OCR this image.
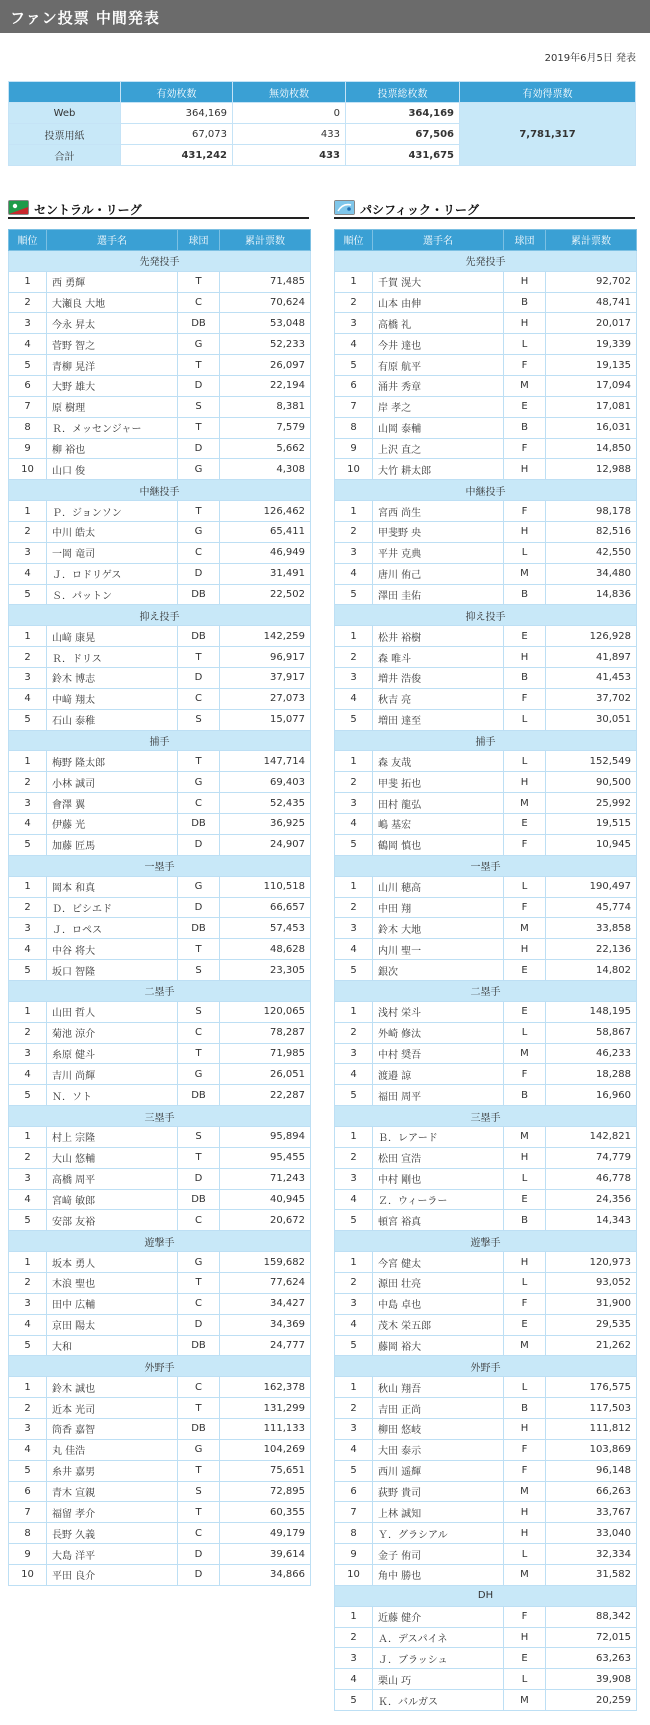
ファン投票 中間発表
2019年6月5日 発表
	有効枚数	無効枚数	投票総枚数	有効得票数
Web	364,169	0	364,169	7,781,317
投票用紙	67,073	433	67,506	
合計	431,242	433	431,675	
セントラル・リーグ	パシフィック・リーグ
順位	選手名	球団	累計票数
先発投手			
1	西 勇輝	T	71,485
2	大瀬良 大地	C	70,624
3	今永 昇太	DB	53,048
4	菅野 智之	G	52,233
5	青柳 晃洋	T	26,097
6	大野 雄大	D	22,194
7	原 樹理	S	8,381
8	Ｒ．メッセンジャー	T	7,579
9	柳 裕也	D	5,662
10	山口 俊	G	4,308
中継投手			
1	Ｐ．ジョンソン	T	126,462
2	中川 皓太	G	65,411
3	一岡 竜司	C	46,949
4	Ｊ．ロドリゲス	D	31,491
5	Ｓ．パットン	DB	22,502
抑え投手			
1	山﨑 康晃	DB	142,259
2	Ｒ．ドリス	T	96,917
3	鈴木 博志	D	37,917
4	中﨑 翔太	C	27,073
5	石山 泰稚	S	15,077
捕手			
1	梅野 隆太郎	T	147,714
2	小林 誠司	G	69,403
3	會澤 翼	C	52,435
4	伊藤 光	DB	36,925
5	加藤 匠馬	D	24,907
一塁手			
1	岡本 和真	G	110,518
2	Ｄ．ビシエド	D	66,657
3	Ｊ．ロペス	DB	57,453
4	中谷 将大	T	48,628
5	坂口 智隆	S	23,305
二塁手			
1	山田 哲人	S	120,065
2	菊池 涼介	C	78,287
3	糸原 健斗	T	71,985
4	吉川 尚輝	G	26,051
5	Ｎ．ソト	DB	22,287
三塁手			
1	村上 宗隆	S	95,894
2	大山 悠輔	T	95,455
3	高橋 周平	D	71,243
4	宮﨑 敏郎	DB	40,945
5	安部 友裕	C	20,672
遊撃手			
1	坂本 勇人	G	159,682
2	木浪 聖也	T	77,624
3	田中 広輔	C	34,427
4	京田 陽太	D	34,369
5	大和	DB	24,777
外野手			
1	鈴木 誠也	C	162,378
2	近本 光司	T	131,299
3	筒香 嘉智	DB	111,133
4	丸 佳浩	G	104,269
5	糸井 嘉男	T	75,651
6	青木 宣親	S	72,895
7	福留 孝介	T	60,355
8	長野 久義	C	49,179
9	大島 洋平	D	39,614
10	平田 良介	D	34,866
順位	選手名	球団	累計票数
先発投手			
1	千賀 滉大	H	92,702
2	山本 由伸	B	48,741
3	高橋 礼	H	20,017
4	今井 達也	L	19,339
5	有原 航平	F	19,135
6	涌井 秀章	M	17,094
7	岸 孝之	E	17,081
8	山岡 泰輔	B	16,031
9	上沢 直之	F	14,850
10	大竹 耕太郎	H	12,988
中継投手			
1	宮西 尚生	F	98,178
2	甲斐野 央	H	82,516
3	平井 克典	L	42,550
4	唐川 侑己	M	34,480
5	澤田 圭佑	B	14,836
抑え投手			
1	松井 裕樹	E	126,928
2	森 唯斗	H	41,897
3	増井 浩俊	B	41,453
4	秋吉 亮	F	37,702
5	増田 達至	L	30,051
捕手			
1	森 友哉	L	152,549
2	甲斐 拓也	H	90,500
3	田村 龍弘	M	25,992
4	嶋 基宏	E	19,515
5	鶴岡 慎也	F	10,945
一塁手			
1	山川 穂高	L	190,497
2	中田 翔	F	45,774
3	鈴木 大地	M	33,858
4	内川 聖一	H	22,136
5	銀次	E	14,802
二塁手			
1	浅村 栄斗	E	148,195
2	外崎 修汰	L	58,867
3	中村 奨吾	M	46,233
4	渡邉 諒	F	18,288
5	福田 周平	B	16,960
三塁手			
1	Ｂ．レアード	M	142,821
2	松田 宣浩	H	74,779
3	中村 剛也	L	46,778
4	Ｚ．ウィーラー	E	24,356
5	頓宮 裕真	B	14,343
遊撃手			
1	今宮 健太	H	120,973
2	源田 壮亮	L	93,052
3	中島 卓也	F	31,900
4	茂木 栄五郎	E	29,535
5	藤岡 裕大	M	21,262
外野手			
1	秋山 翔吾	L	176,575
2	吉田 正尚	B	117,503
3	柳田 悠岐	H	111,812
4	大田 泰示	F	103,869
5	西川 遥輝	F	96,148
6	荻野 貴司	M	66,263
7	上林 誠知	H	33,767
8	Ｙ．グラシアル	H	33,040
9	金子 侑司	L	32,334
10	角中 勝也	M	31,582
DH			
1	近藤 健介	F	88,342
2	Ａ．デスパイネ	H	72,015
3	Ｊ．ブラッシュ	E	63,263
4	栗山 巧	L	39,908
5	Ｋ．バルガス	M	20,259
